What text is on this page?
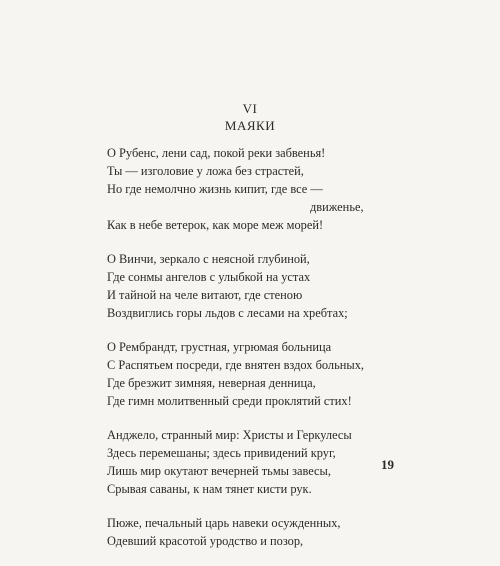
VI
МАЯКИ
О Рубенс, лени сад, покой реки забвенья!
Ты — изголовие у ложа без страстей,
Но где немолчно жизнь кипит, где все —
движенье,
Как в небе ветерок, как море меж морей!
О Винчи, зеркало с неясной глубиной,
Где сонмы ангелов с улыбкой на устах
И тайной на челе витают, где стеною
Воздвиглись горы льдов с лесами на хребтах;
О Рембрандт, грустная, угрюмая больница
С Распятьем посреди, где внятен вздох больных,
Где брезжит зимняя, неверная денница,
Где гимн молитвенный среди проклятий стих!
Анджело, странный мир: Христы и Геркулесы
Здесь перемешаны; здесь привидений круг,
Лишь мир окутают вечерней тьмы завесы,
Срывая саваны, к нам тянет кисти рук.
Пюже, печальный царь навеки осужденных,
Одевший красотой уродство и позор,
19
